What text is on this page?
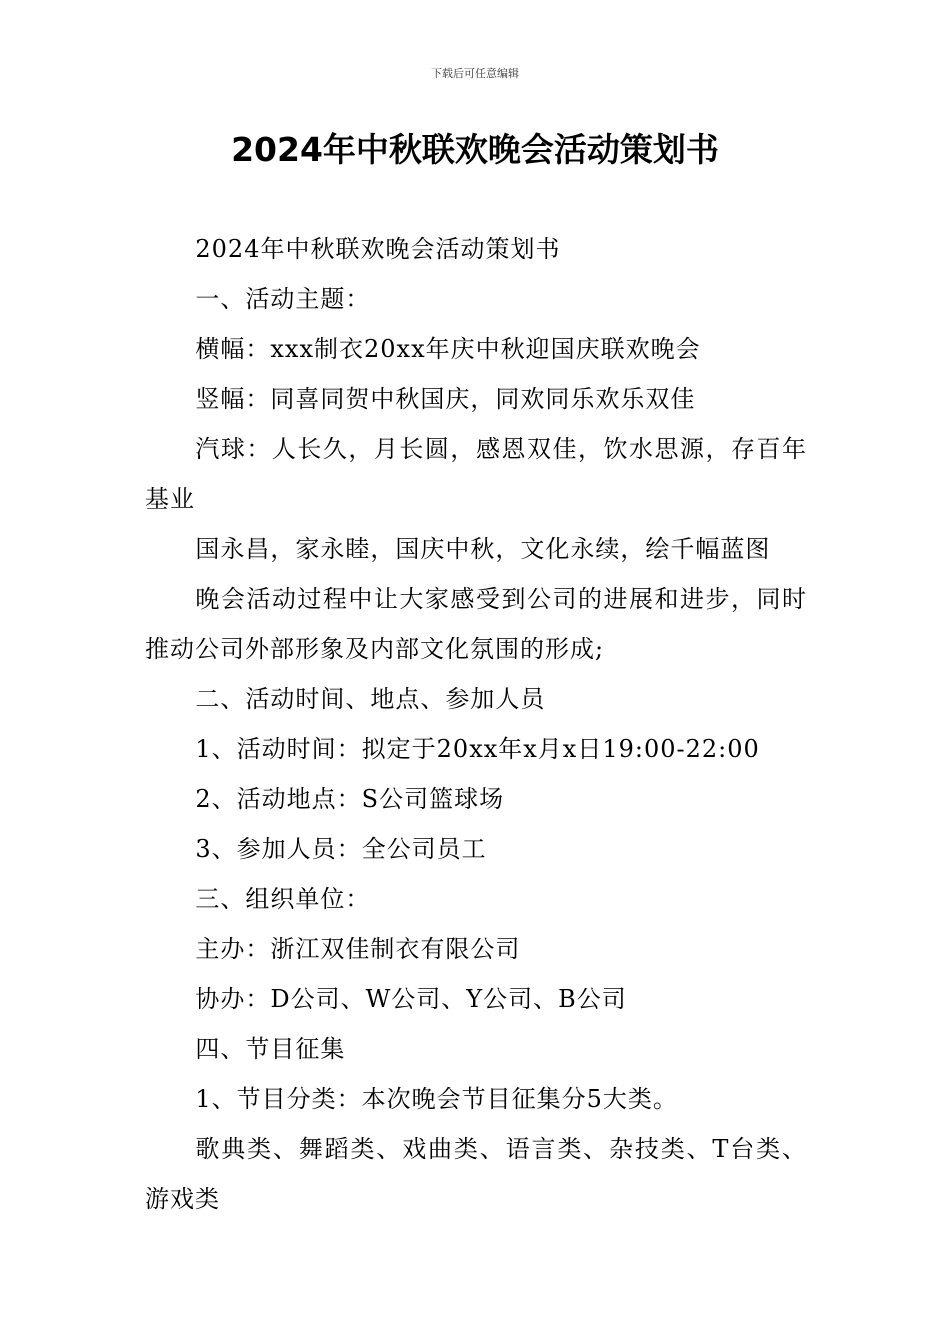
下载后可任意编辑
2024年中秋联欢晚会活动策划书

2024年中秋联欢晚会活动策划书

一、活动主题：

横幅：xxx制衣20xx年庆中秋迎国庆联欢晚会

竖幅：同喜同贺中秋国庆，同欢同乐欢乐双佳

汽球：人长久，月长圆，感恩双佳，饮水思源，存百年基业

国永昌，家永睦，国庆中秋，文化永续，绘千幅蓝图

晚会活动过程中让大家感受到公司的进展和进步，同时推动公司外部形象及内部文化氛围的形成;

二、活动时间、地点、参加人员

1、活动时间：拟定于20xx年x月x日19:00-22:00

2、活动地点：S公司篮球场

3、参加人员：全公司员工

三、组织单位：

主办：浙江双佳制衣有限公司

协办：D公司、W公司、Y公司、B公司

四、节目征集

1、节目分类：本次晚会节目征集分5大类。

歌典类、舞蹈类、戏曲类、语言类、杂技类、T台类、游戏类
